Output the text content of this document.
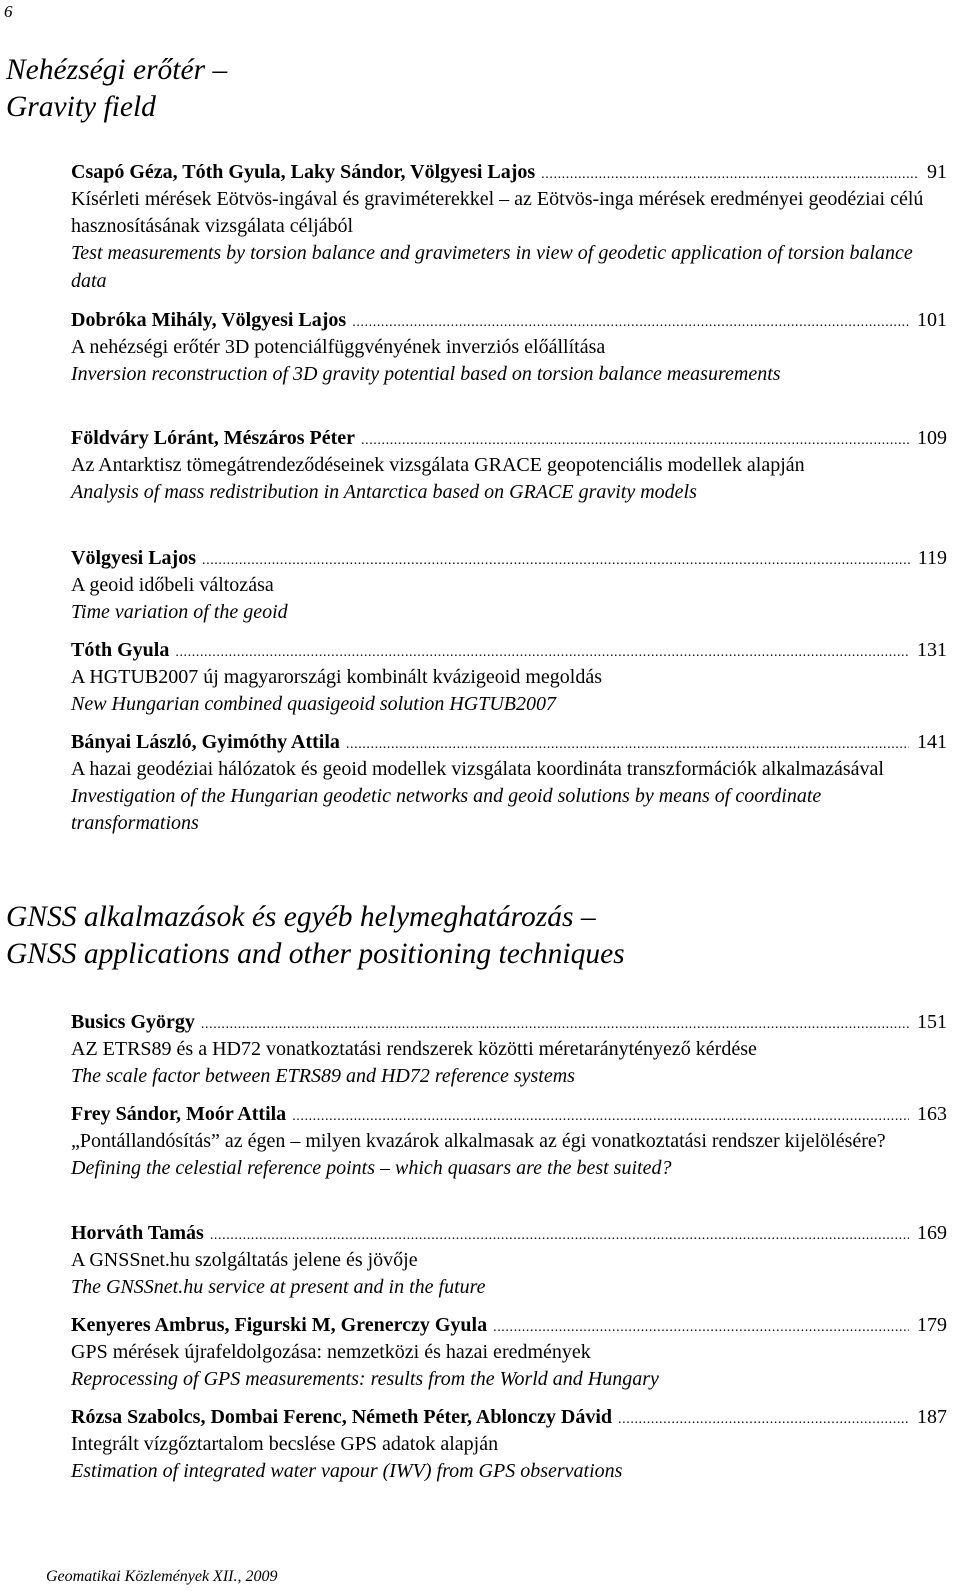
6
Nehézségi erőtér –
Gravity field
Csapó Géza, Tóth Gyula, Laky Sándor, Völgyesi Lajos .....	91

Kísérleti mérések Eötvös-ingával és graviméterekkel – az Eötvös-inga mérések eredményei geodéziai célú hasznosításának vizsgálata céljából

Test measurements by torsion balance and gravimeters in view of geodetic application of torsion balance data

Dobróka Mihály, Völgyesi Lajos .....	101

A nehézségi erőtér 3D potenciálfüggvényének inverziós előállítása

Inversion reconstruction of 3D gravity potential based on torsion balance measurements

Földváry Lóránt, Mészáros Péter .....	109

Az Antarktisz tömegátrendeződéseinek vizsgálata GRACE geopotenciális modellek alapján

Analysis of mass redistribution in Antarctica based on GRACE gravity models

Völgyesi Lajos .....	119

A geoid időbeli változása

Time variation of the geoid

Tóth Gyula .....	131

A HGTUB2007 új magyarországi kombinált kvázigeoid megoldás

New Hungarian combined quasigeoid solution HGTUB2007

Bányai László, Gyimóthy Attila .....	141

A hazai geodéziai hálózatok és geoid modellek vizsgálata koordináta transzformációk alkalmazásával

Investigation of the Hungarian geodetic networks and geoid solutions by means of coordinate transformations

GNSS alkalmazások és egyéb helymeghatározás –
GNSS applications and other positioning techniques
Busics György .....	151

AZ ETRS89 és a HD72 vonatkoztatási rendszerek közötti méretaránytényező kérdése

The scale factor between ETRS89 and HD72 reference systems

Frey Sándor, Moór Attila .....	163

„Pontállandósítás” az égen – milyen kvazárok alkalmasak az égi vonatkoztatási rendszer kijelölésére?

Defining the celestial reference points – which quasars are the best suited?

Horváth Tamás .....	169

A GNSSnet.hu szolgáltatás jelene és jövője

The GNSSnet.hu service at present and in the future

Kenyeres Ambrus, Figurski M, Grenerczy Gyula .....	179

GPS mérések újrafeldolgozása: nemzetközi és hazai eredmények

Reprocessing of GPS measurements: results from the World and Hungary

Rózsa Szabolcs, Dombai Ferenc, Németh Péter, Ablonczy Dávid .....	187

Integrált vízgőztartalom becslése GPS adatok alapján

Estimation of integrated water vapour (IWV) from GPS observations

Geomatikai Közlemények XII., 2009
